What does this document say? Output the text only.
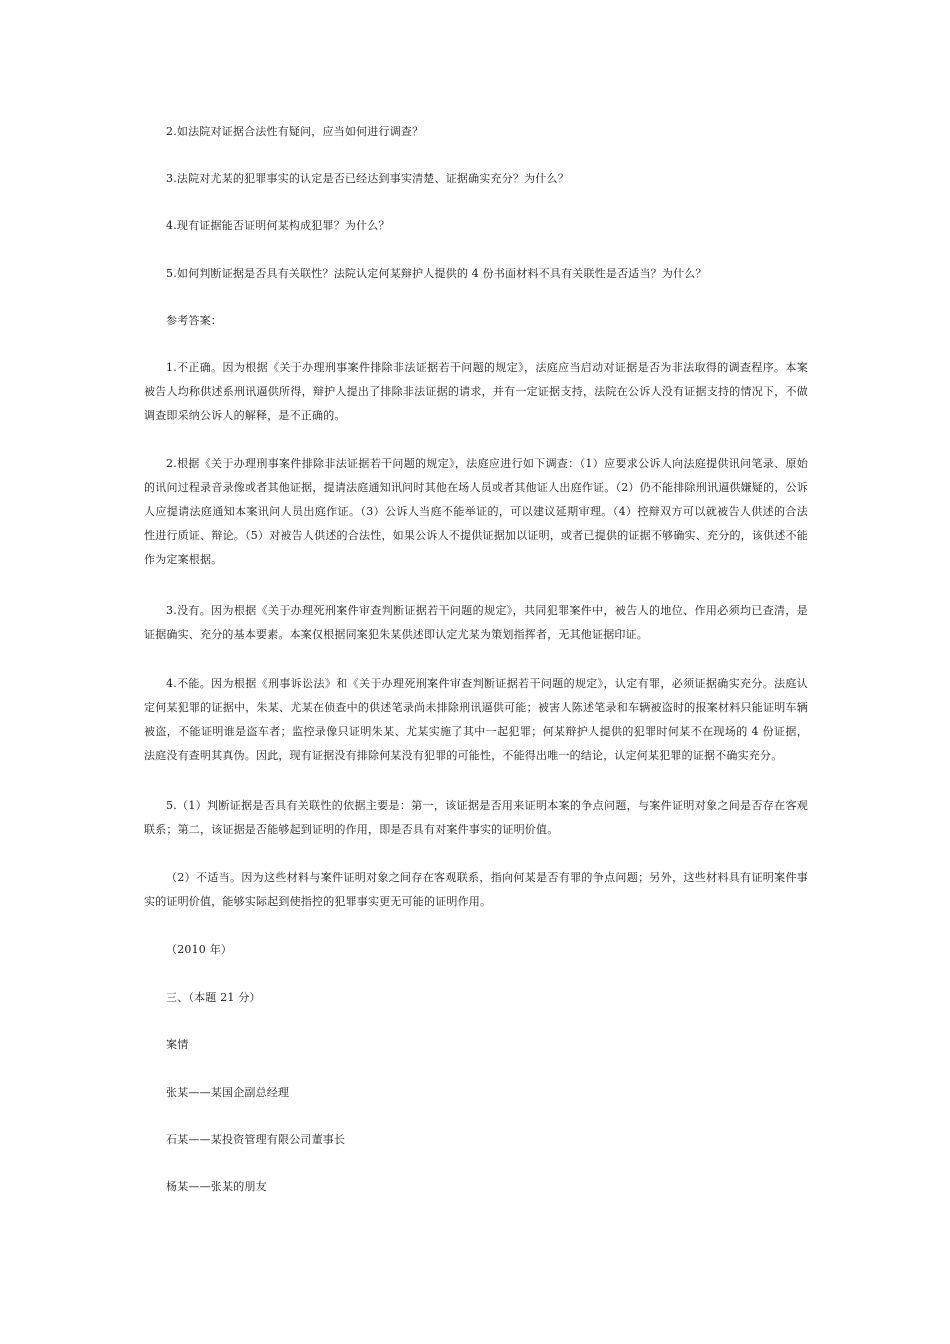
2.如法院对证据合法性有疑问，应当如何进行调查？

3.法院对尤某的犯罪事实的认定是否已经达到事实清楚、证据确实充分？为什么？

4.现有证据能否证明何某构成犯罪？为什么？

5.如何判断证据是否具有关联性？法院认定何某辩护人提供的 4 份书面材料不具有关联性是否适当？为什么？

参考答案：

1.不正确。因为根据《关于办理刑事案件排除非法证据若干问题的规定》，法庭应当启动对证据是否为非法取得的调查程序。本案被告人均称供述系刑讯逼供所得，辩护人提出了排除非法证据的请求，并有一定证据支持，法院在公诉人没有证据支持的情况下，不做调查即采纳公诉人的解释，是不正确的。

2.根据《关于办理刑事案件排除非法证据若干问题的规定》，法庭应进行如下调查：（1）应要求公诉人向法庭提供讯问笔录、原始的讯问过程录音录像或者其他证据，提请法庭通知讯问时其他在场人员或者其他证人出庭作证。（2）仍不能排除刑讯逼供嫌疑的，公诉人应提请法庭通知本案讯问人员出庭作证。（3）公诉人当庭不能举证的，可以建议延期审理。（4）控辩双方可以就被告人供述的合法性进行质证、辩论。（5）对被告人供述的合法性，如果公诉人不提供证据加以证明，或者已提供的证据不够确实、充分的，该供述不能作为定案根据。

3.没有。因为根据《关于办理死刑案件审查判断证据若干问题的规定》，共同犯罪案件中，被告人的地位、作用必须均已查清，是证据确实、充分的基本要素。本案仅根据同案犯朱某供述即认定尤某为策划指挥者，无其他证据印证。

4.不能。因为根据《刑事诉讼法》和《关于办理死刑案件审查判断证据若干问题的规定》，认定有罪，必须证据确实充分。法庭认定何某犯罪的证据中，朱某、尤某在侦查中的供述笔录尚未排除刑讯逼供可能；被害人陈述笔录和车辆被盗时的报案材料只能证明车辆被盗，不能证明谁是盗车者；监控录像只证明朱某、尤某实施了其中一起犯罪；何某辩护人提供的犯罪时何某不在现场的 4 份证据，法庭没有查明其真伪。因此，现有证据没有排除何某没有犯罪的可能性，不能得出唯一的结论，认定何某犯罪的证据不确实充分。

5.（1）判断证据是否具有关联性的依据主要是：第一，该证据是否用来证明本案的争点问题，与案件证明对象之间是否存在客观联系；第二，该证据是否能够起到证明的作用，即是否具有对案件事实的证明价值。

（2）不适当。因为这些材料与案件证明对象之间存在客观联系，指向何某是否有罪的争点问题；另外，这些材料具有证明案件事实的证明价值，能够实际起到使指控的犯罪事实更无可能的证明作用。

（2010 年）

三、（本题 21 分）

案情

张某——某国企副总经理

石某——某投资管理有限公司董事长

杨某——张某的朋友
